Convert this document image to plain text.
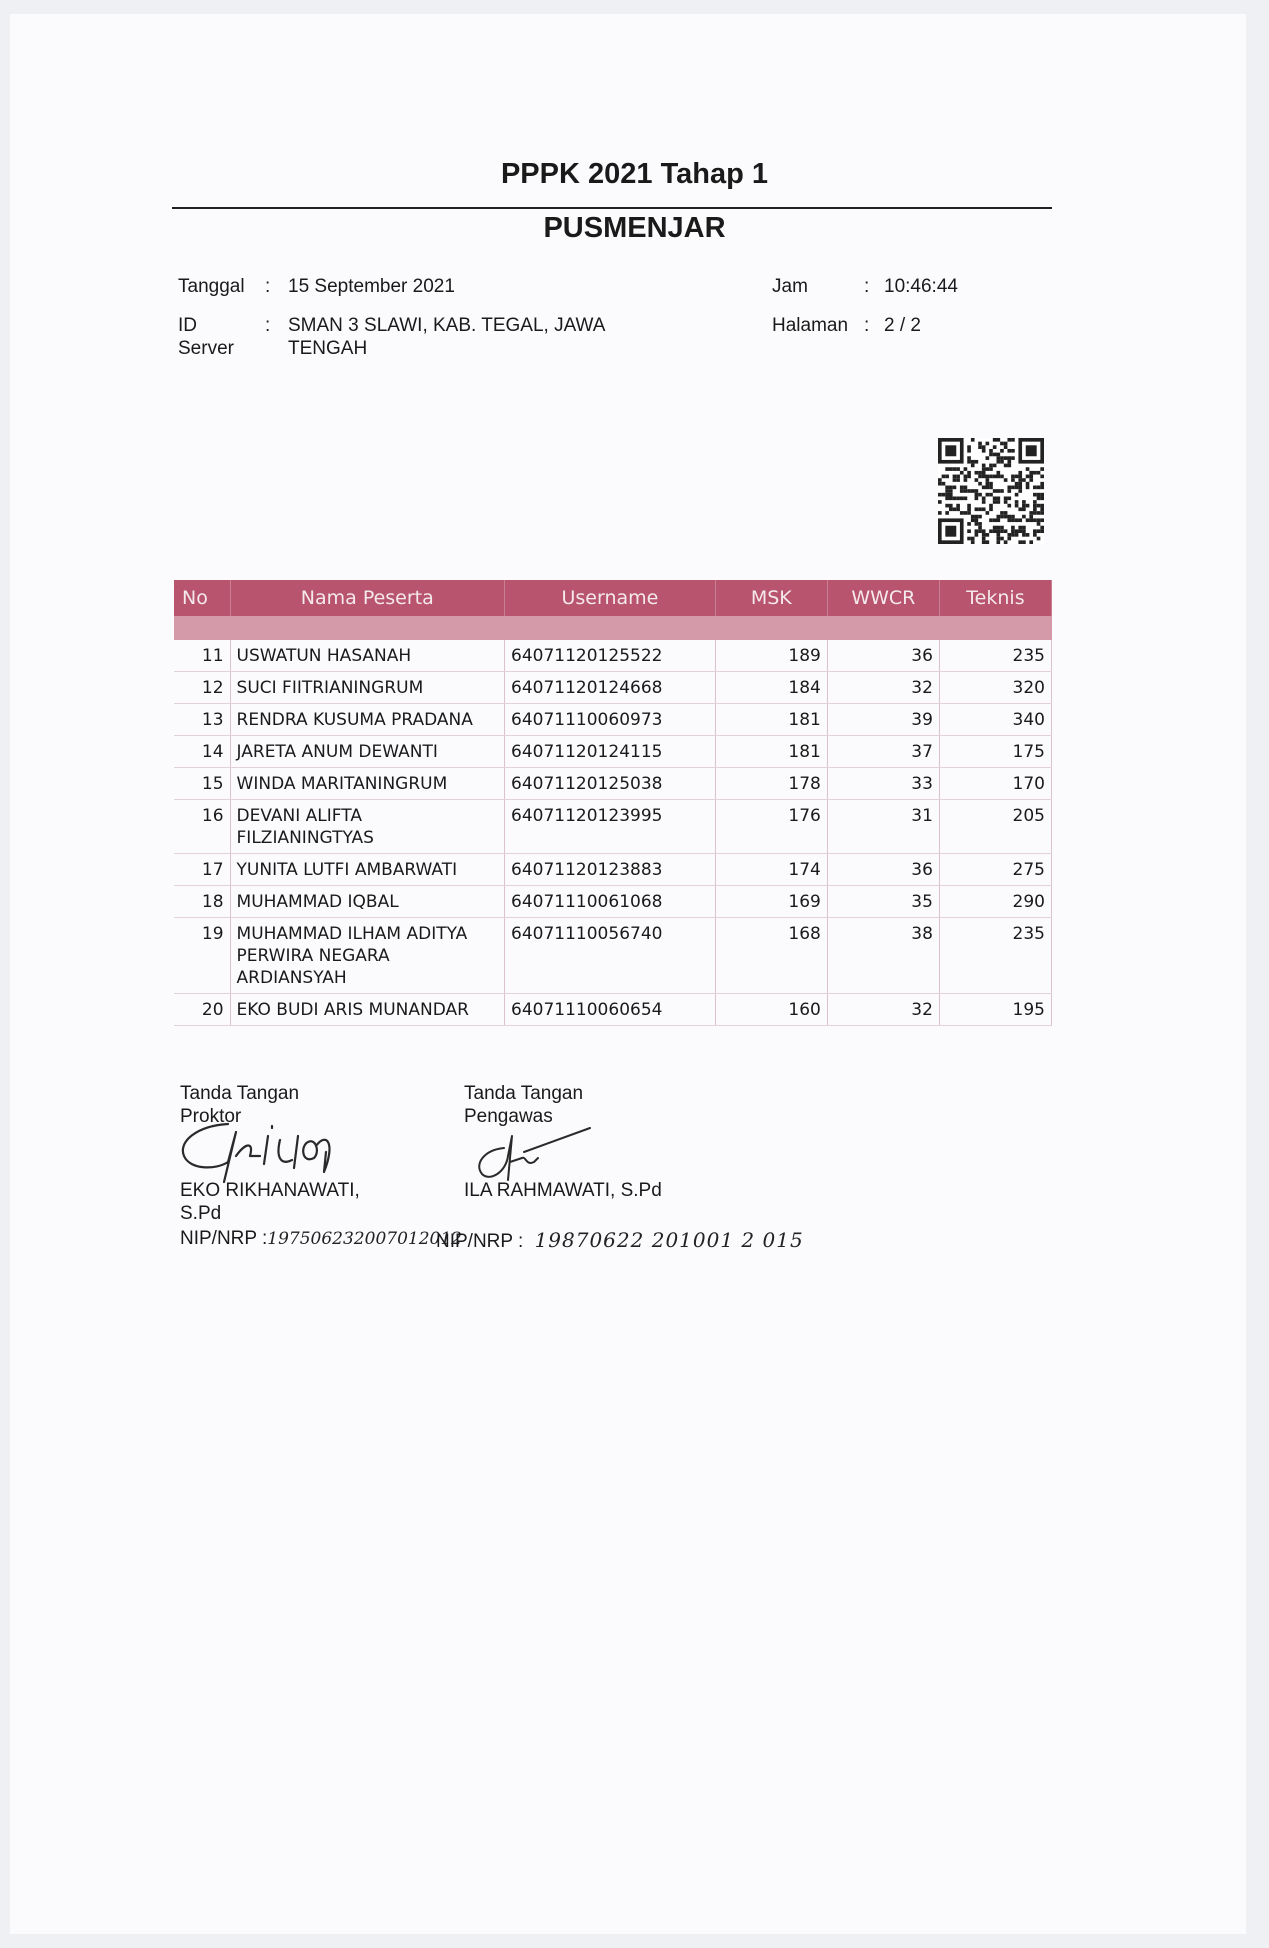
PPPK 2021 Tahap 1
PUSMENJAR
Tanggal : 15 September 2021
ID
Server
: SMAN 3 SLAWI, KAB. TEGAL, JAWA
TENGAH
Jam	: 10:46:44
Halaman : 2 / 2
No	Nama Peserta	Username	MSK	WWCR	Teknis

11	USWATUN HASANAH	64071120125522	189	36	235
12	SUCI FIITRIANINGRUM	64071120124668	184	32	320
13	RENDRA KUSUMA PRADANA	64071110060973	181	39	340
14	JARETA ANUM DEWANTI	64071120124115	181	37	175
15	WINDA MARITANINGRUM	64071120125038	178	33	170
16	DEVANI ALIFTA FILZIANINGTYAS	64071120123995	176	31	205
17	YUNITA LUTFI AMBARWATI	64071120123883	174	36	275
18	MUHAMMAD IQBAL	64071110061068	169	35	290
19	MUHAMMAD ILHAM ADITYA PERWIRA NEGARA ARDIANSYAH	64071110056740	168	38	235
20	EKO BUDI ARIS MUNANDAR	64071110060654	160	32	195
Tanda Tangan
Proktor
EKO RIKHANAWATI,
S.Pd
Tanda Tangan
Pengawas
ILA RAHMAWATI, S.Pd
NIP/NRP :197506232007012012
NIP/NRP : 19870622 201001 2 015
